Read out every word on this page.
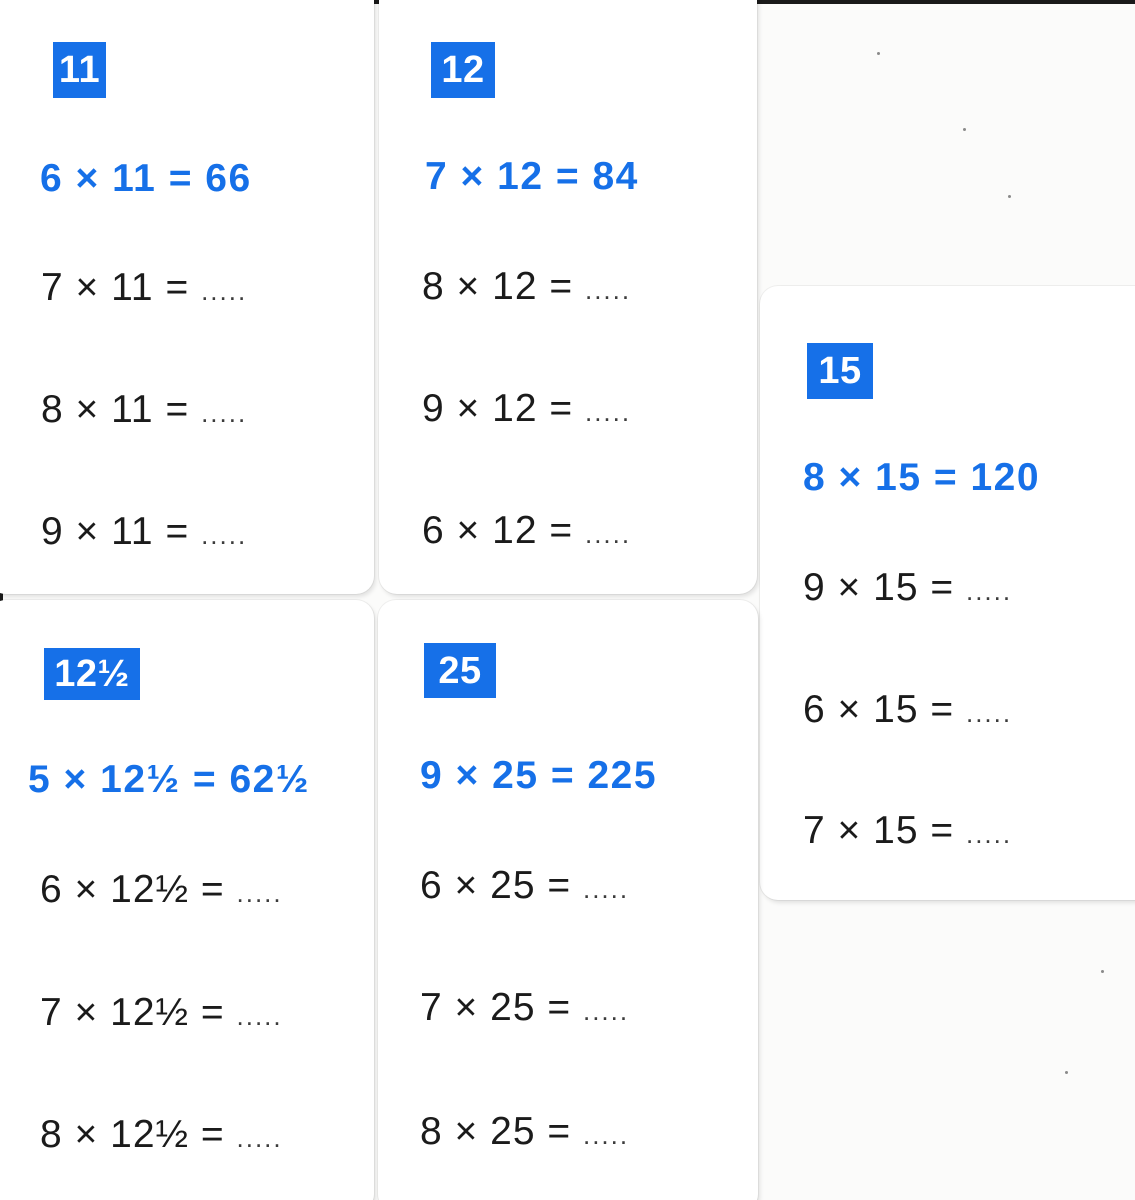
11
6 × 11 = 66
7 × 11 = .....
8 × 11 = .....
9 × 11 = .....
12
7 × 12 = 84
8 × 12 = .....
9 × 12 = .....
6 × 12 = .....
15
8 × 15 = 120
9 × 15 = .....
6 × 15 = .....
7 × 15 = .....
12½
5 × 12½ = 62½
6 × 12½ = .....
7 × 12½ = .....
8 × 12½ = .....
25
9 × 25 = 225
6 × 25 = .....
7 × 25 = .....
8 × 25 = .....
